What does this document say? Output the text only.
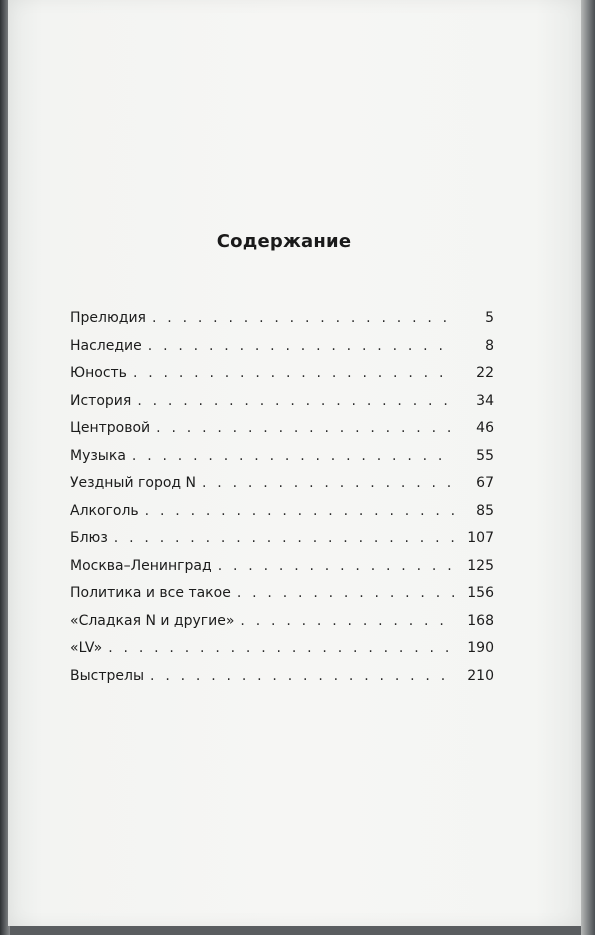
Содержание
Прелюдия . . .	5
Наследие . . .	8
Юность . . .	22
История . . .	34
Центровой . . .	46
Музыка . . .	55
Уездный город N . . .	67
Алкоголь . . .	85
Блюз . . .	107
Москва–Ленинград . . .	125
Политика и все такое . . .	156
«Сладкая N и другие» . . .	168
«LV» . . .	190
Выстрелы . . .	210
